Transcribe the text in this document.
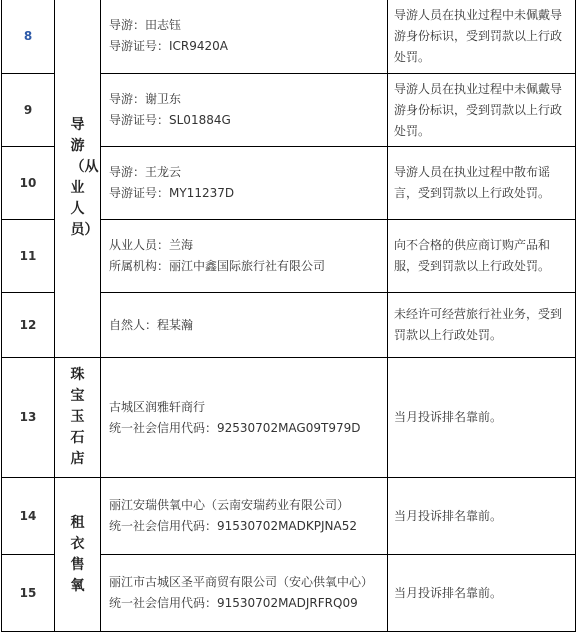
8	导游（从业人员）	导游：田志钰
导游证号：ICR9420A	导游人员在执业过程中未佩戴导游身份标识，受到罚款以上行政处罚。
9		导游：谢卫东
导游证号：SL01884G	导游人员在执业过程中未佩戴导游身份标识，受到罚款以上行政处罚。
10		导游：王龙云
导游证号：MY11237D	导游人员在执业过程中散布谣言，受到罚款以上行政处罚。
11		从业人员：兰海
所属机构：丽江中鑫国际旅行社有限公司	向不合格的供应商订购产品和服，受到罚款以上行政处罚。
12		自然人：程某瀚	未经许可经营旅行社业务，受到罚款以上行政处罚。
13	珠宝玉石店	古城区润雅轩商行
统一社会信用代码：92530702MAG09T979D	当月投诉排名靠前。
14	租衣售氧	丽江安瑞供氧中心（云南安瑞药业有限公司）
统一社会信用代码：91530702MADKPJNA52	当月投诉排名靠前。
15		丽江市古城区圣平商贸有限公司（安心供氧中心）
统一社会信用代码：91530702MADJRFRQ09	当月投诉排名靠前。
